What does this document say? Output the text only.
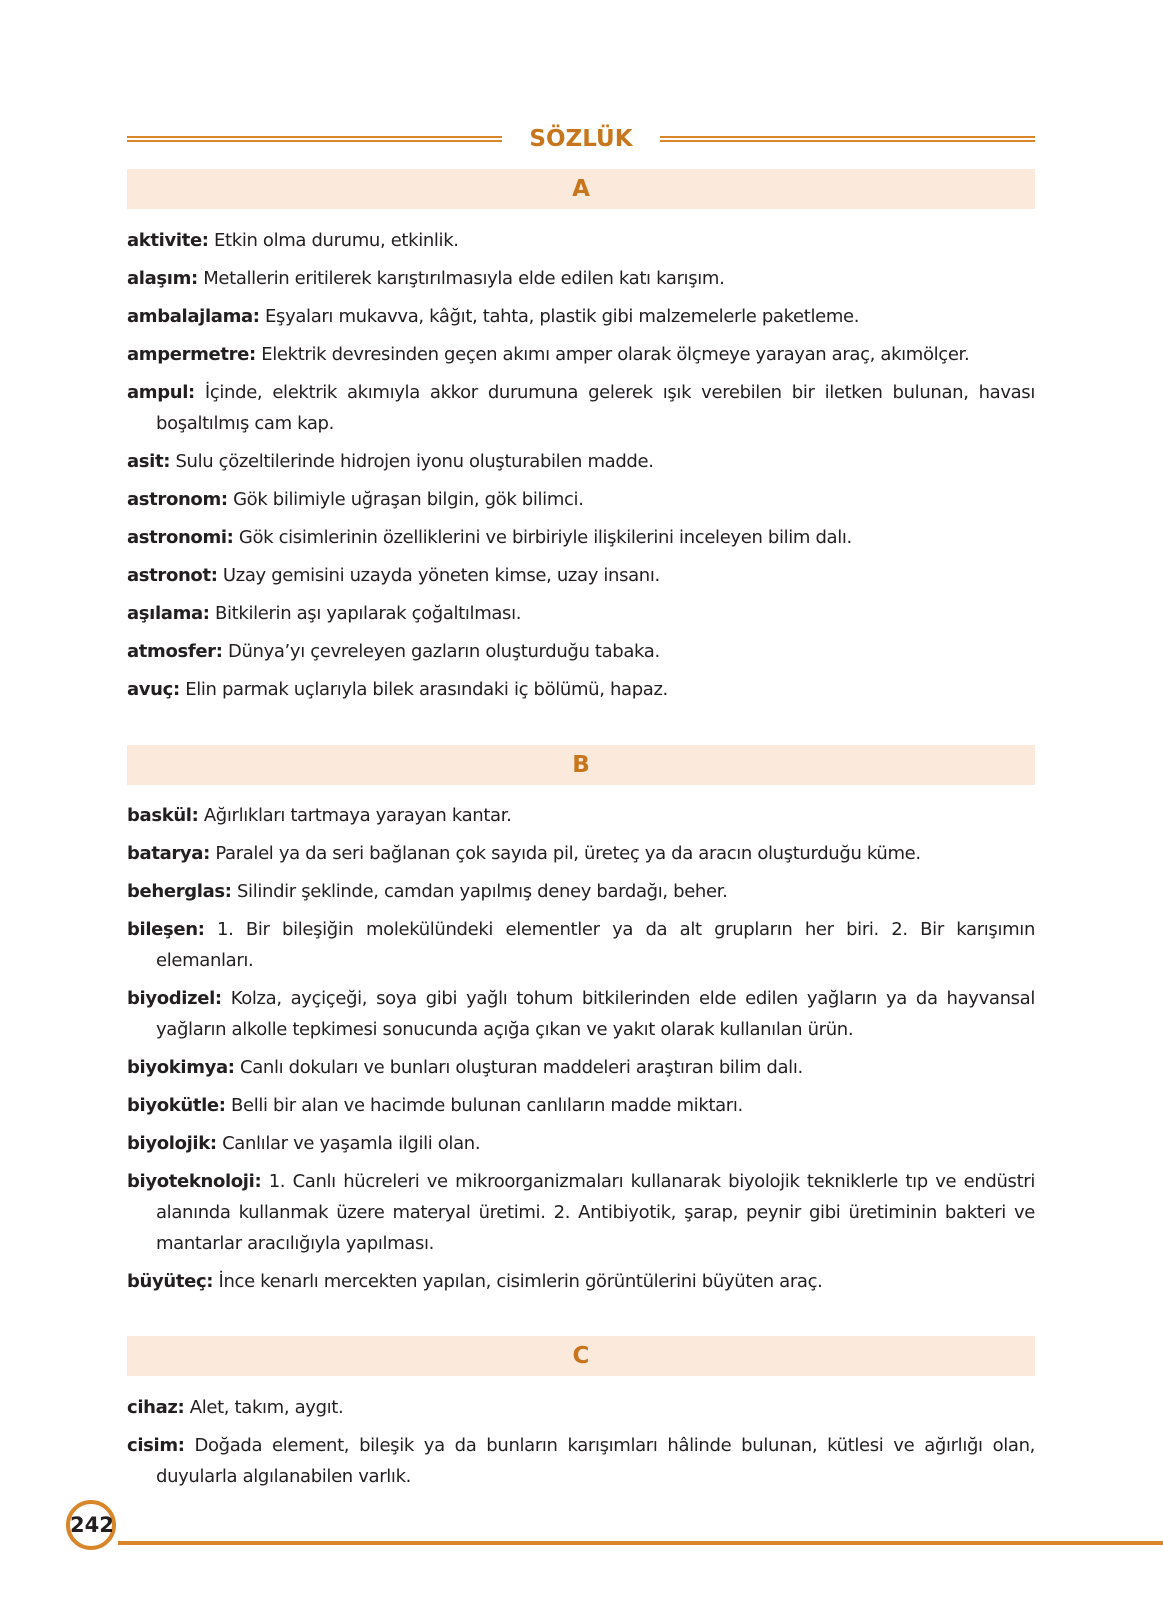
SÖZLÜK
A
aktivite: Etkin olma durumu, etkinlik.
alaşım: Metallerin eritilerek karıştırılmasıyla elde edilen katı karışım.
ambalajlama: Eşyaları mukavva, kâğıt, tahta, plastik gibi malzemelerle paketleme.
ampermetre: Elektrik devresinden geçen akımı amper olarak ölçmeye yarayan araç, akımölçer.
ampul: İçinde, elektrik akımıyla akkor durumuna gelerek ışık verebilen bir iletken bulunan, havası boşaltılmış cam kap.
asit: Sulu çözeltilerinde hidrojen iyonu oluşturabilen madde.
astronom: Gök bilimiyle uğraşan bilgin, gök bilimci.
astronomi: Gök cisimlerinin özelliklerini ve birbiriyle ilişkilerini inceleyen bilim dalı.
astronot: Uzay gemisini uzayda yöneten kimse, uzay insanı.
aşılama: Bitkilerin aşı yapılarak çoğaltılması.
atmosfer: Dünya’yı çevreleyen gazların oluşturduğu tabaka.
avuç: Elin parmak uçlarıyla bilek arasındaki iç bölümü, hapaz.
B
baskül: Ağırlıkları tartmaya yarayan kantar.
batarya: Paralel ya da seri bağlanan çok sayıda pil, üreteç ya da aracın oluşturduğu küme.
beherglas: Silindir şeklinde, camdan yapılmış deney bardağı, beher.
bileşen: 1. Bir bileşiğin molekülündeki elementler ya da alt grupların her biri. 2. Bir karışımın elemanları.
biyodizel: Kolza, ayçiçeği, soya gibi yağlı tohum bitkilerinden elde edilen yağların ya da hayvansal yağların alkolle tepkimesi sonucunda açığa çıkan ve yakıt olarak kullanılan ürün.
biyokimya: Canlı dokuları ve bunları oluşturan maddeleri araştıran bilim dalı.
biyokütle: Belli bir alan ve hacimde bulunan canlıların madde miktarı.
biyolojik: Canlılar ve yaşamla ilgili olan.
biyoteknoloji: 1. Canlı hücreleri ve mikroorganizmaları kullanarak biyolojik tekniklerle tıp ve endüstri alanında kullanmak üzere materyal üretimi. 2. Antibiyotik, şarap, peynir gibi üretiminin bakteri ve mantarlar aracılığıyla yapılması.
büyüteç: İnce kenarlı mercekten yapılan, cisimlerin görüntülerini büyüten araç.
C
cihaz: Alet, takım, aygıt.
cisim: Doğada element, bileşik ya da bunların karışımları hâlinde bulunan, kütlesi ve ağırlığı olan, duyularla algılanabilen varlık.
242
